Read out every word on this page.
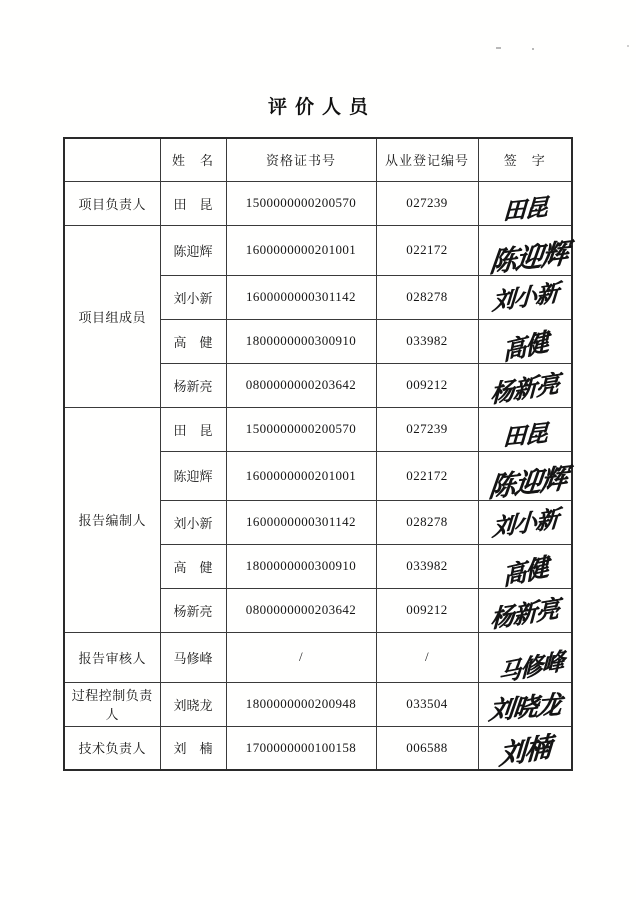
评价人员
	姓　名	资格证书号	从业登记编号	签　字
项目负责人	田　昆	1500000000200570	027239	田昆
项目组成员	陈迎辉	1600000000201001	022172	陈迎辉
	刘小新	1600000000301142	028278	刘小新
	高　健	1800000000300910	033982	高健
	杨新亮	0800000000203642	009212	杨新亮
报告编制人	田　昆	1500000000200570	027239	田昆
	陈迎辉	1600000000201001	022172	陈迎辉
	刘小新	1600000000301142	028278	刘小新
	高　健	1800000000300910	033982	高健
	杨新亮	0800000000203642	009212	杨新亮
报告审核人	马修峰	/	/	马修峰
过程控制负责人	刘晓龙	1800000000200948	033504	刘晓龙
技术负责人	刘　楠	1700000000100158	006588	刘楠
